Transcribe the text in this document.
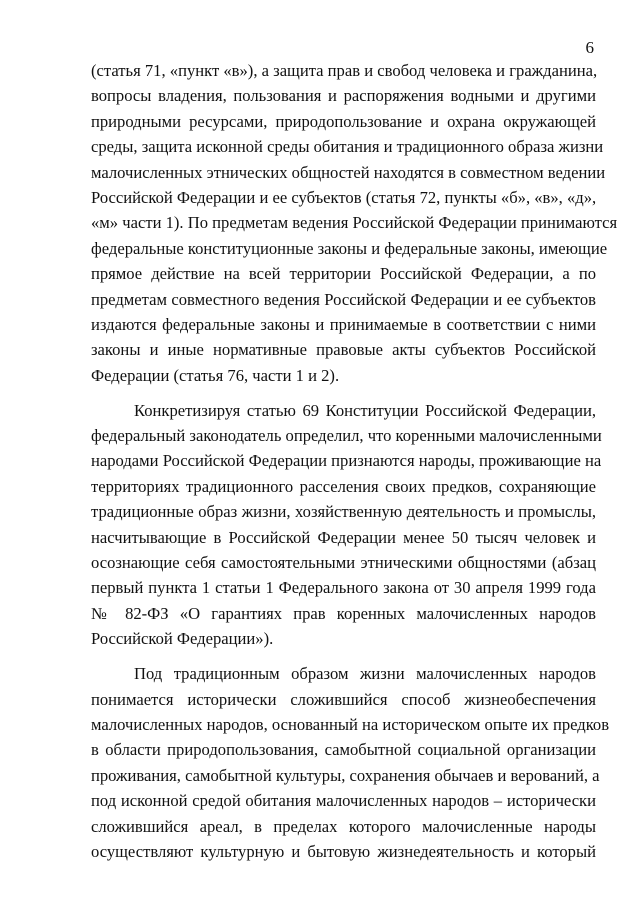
6
(статья 71, «пункт «в»), а защита прав и свобод человека и гражданина,
вопросы владения, пользования и распоряжения водными и другими
природными ресурсами, природопользование и охрана окружающей
среды, защита исконной среды обитания и традиционного образа жизни
малочисленных этнических общностей находятся в совместном ведении
Российской Федерации и ее субъектов (статья 72, пункты «б», «в», «д»,
«м» части 1). По предметам ведения Российской Федерации принимаются
федеральные конституционные законы и федеральные законы, имеющие
прямое действие на всей территории Российской Федерации, а по
предметам совместного ведения Российской Федерации и ее субъектов
издаются федеральные законы и принимаемые в соответствии с ними
законы и иные нормативные правовые акты субъектов Российской
Федерации (статья 76, части 1 и 2).
Конкретизируя статью 69 Конституции Российской Федерации,
федеральный законодатель определил, что коренными малочисленными
народами Российской Федерации признаются народы, проживающие на
территориях традиционного расселения своих предков, сохраняющие
традиционные образ жизни, хозяйственную деятельность и промыслы,
насчитывающие в Российской Федерации менее 50 тысяч человек и
осознающие себя самостоятельными этническими общностями (абзац
первый пункта 1 статьи 1 Федерального закона от 30 апреля 1999 года
№ 82-ФЗ «О гарантиях прав коренных малочисленных народов
Российской Федерации»).
Под традиционным образом жизни малочисленных народов
понимается исторически сложившийся способ жизнеобеспечения
малочисленных народов, основанный на историческом опыте их предков
в области природопользования, самобытной социальной организации
проживания, самобытной культуры, сохранения обычаев и верований, а
под исконной средой обитания малочисленных народов – исторически
сложившийся ареал, в пределах которого малочисленные народы
осуществляют культурную и бытовую жизнедеятельность и который
